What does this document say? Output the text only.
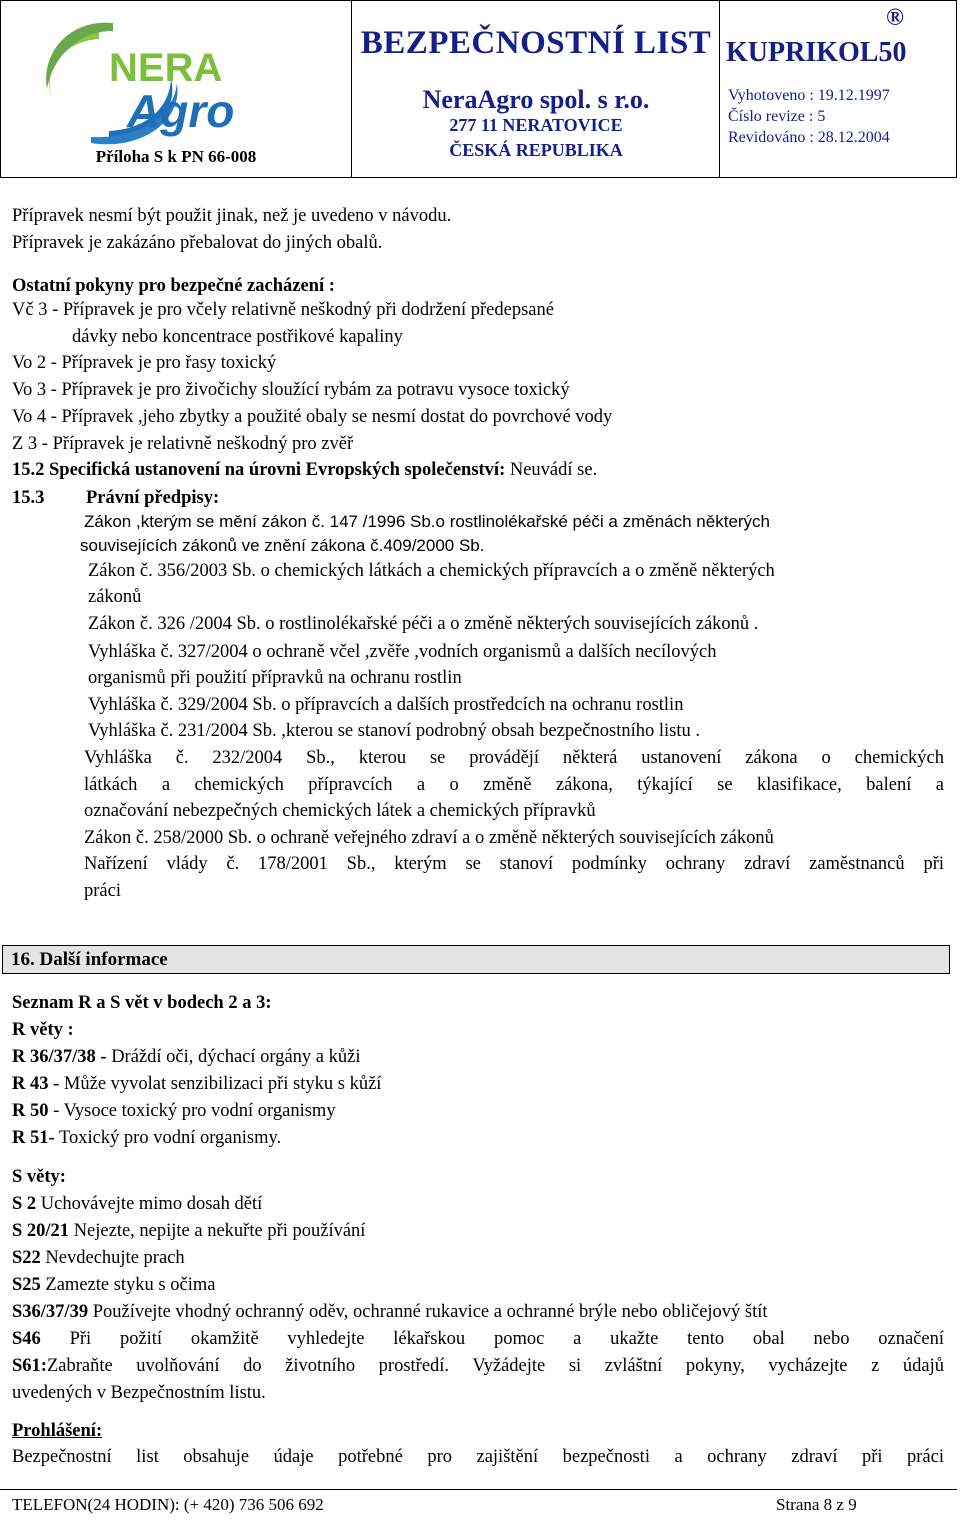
NERA
Agro
Příloha S k PN 66-008
BEZPEČNOSTNÍ LIST
NeraAgro spol. s r.o.
277 11 NERATOVICE
ČESKÁ REPUBLIKA
®
KUPRIKOL50
Vyhotoveno : 19.12.1997
Číslo revize : 5
Revidováno : 28.12.2004
Přípravek nesmí být použit jinak, než je uvedeno v návodu.
Přípravek je zakázáno přebalovat do jiných obalů.
Ostatní pokyny pro bezpečné zacházení :
Vč 3 - Přípravek je pro včely relativně neškodný při dodržení předepsané
dávky nebo koncentrace postřikové kapaliny
Vo 2 - Přípravek je pro řasy toxický
Vo 3 - Přípravek je pro živočichy sloužící rybám za potravu vysoce toxický
Vo 4 - Přípravek ,jeho zbytky a použité obaly se nesmí dostat do povrchové vody
Z 3 - Přípravek je relativně neškodný pro zvěř
15.2 Specifická ustanovení na úrovni Evropských společenství: Neuvádí se.
15.3 Právní předpisy:
Zákon ,kterým se mění zákon č. 147 /1996 Sb.o rostlinolékařské péči a změnách některých
souvisejících zákonů ve znění zákona č.409/2000 Sb.
Zákon č. 356/2003 Sb. o chemických látkách a chemických přípravcích a o změně některých
zákonů
Zákon č. 326 /2004 Sb. o rostlinolékařské péči a o změně některých souvisejících zákonů .
Vyhláška č. 327/2004 o ochraně včel ,zvěře ,vodních organismů a dalších necílových
organismů při použití přípravků na ochranu rostlin
Vyhláška č. 329/2004 Sb. o přípravcích a dalších prostředcích na ochranu rostlin
Vyhláška č. 231/2004 Sb. ,kterou se stanoví podrobný obsah bezpečnostního listu .
Vyhláška č. 232/2004 Sb., kterou se provádějí některá ustanovení zákona o chemických
látkách a chemických přípravcích a o změně zákona, týkající se klasifikace, balení a
označování nebezpečných chemických látek a chemických přípravků
Zákon č. 258/2000 Sb. o ochraně veřejného zdraví a o změně některých souvisejících zákonů
Nařízení vlády č. 178/2001 Sb., kterým se stanoví podmínky ochrany zdraví zaměstnanců při
práci
16. Další informace
Seznam R a S vět v bodech 2 a 3:
R věty :
R 36/37/38 - Dráždí oči, dýchací orgány a kůži
R 43 - Může vyvolat senzibilizaci při styku s kůží
R 50 - Vysoce toxický pro vodní organismy
R 51- Toxický pro vodní organismy.
S věty:
S 2 Uchovávejte mimo dosah dětí
S 20/21 Nejezte, nepijte a nekuřte při používání
S22 Nevdechujte prach
S25 Zamezte styku s očima
S36/37/39 Používejte vhodný ochranný oděv, ochranné rukavice a ochranné brýle nebo obličejový štít
S46 Při požití okamžitě vyhledejte lékařskou pomoc a ukažte tento obal nebo označení
S61:Zabraňte uvolňování do životního prostředí. Vyžádejte si zvláštní pokyny, vycházejte z údajů
uvedených v Bezpečnostním listu.
Prohlášení:
Bezpečnostní list obsahuje údaje potřebné pro zajištění bezpečnosti a ochrany zdraví při práci
TELEFON(24 HODIN): (+ 420) 736 506 692	Strana 8 z 9
